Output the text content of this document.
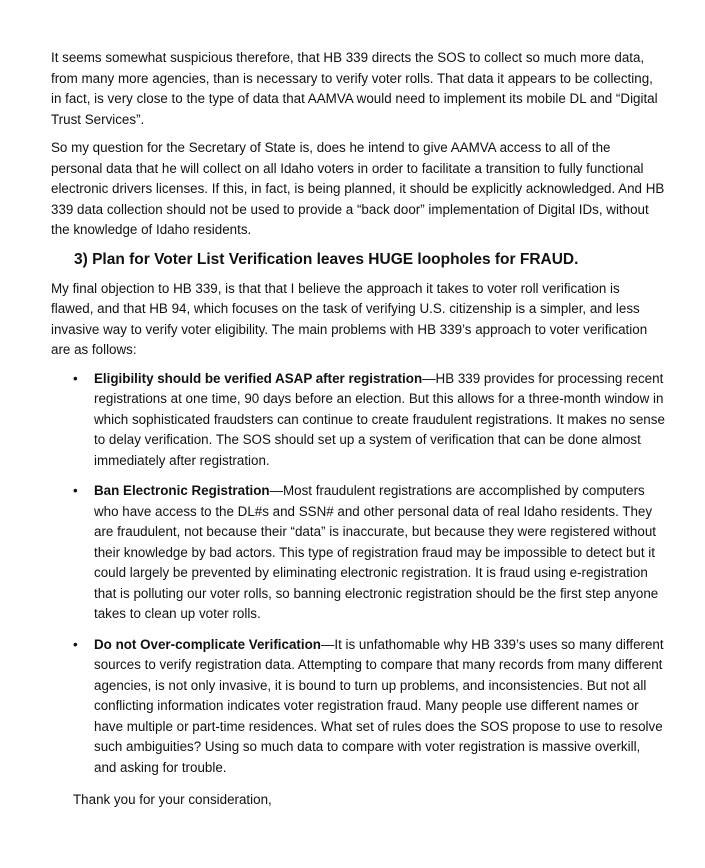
It seems somewhat suspicious therefore, that HB 339 directs the SOS to collect so much more data, from many more agencies, than is necessary to verify voter rolls. That data it appears to be collecting, in fact, is very close to the type of data that AAMVA would need to implement its mobile DL and “Digital Trust Services”.

So my question for the Secretary of State is, does he intend to give AAMVA access to all of the personal data that he will collect on all Idaho voters in order to facilitate a transition to fully functional electronic drivers licenses. If this, in fact, is being planned, it should be explicitly acknowledged. And HB 339 data collection should not be used to provide a “back door” implementation of Digital IDs, without the knowledge of Idaho residents.

3) Plan for Voter List Verification leaves HUGE loopholes for FRAUD.

My final objection to HB 339, is that that I believe the approach it takes to voter roll verification is flawed, and that HB 94, which focuses on the task of verifying U.S. citizenship is a simpler, and less invasive way to verify voter eligibility. The main problems with HB 339’s approach to voter verification are as follows:

• Eligibility should be verified ASAP after registration—HB 339 provides for processing recent registrations at one time, 90 days before an election. But this allows for a three-month window in which sophisticated fraudsters can continue to create fraudulent registrations. It makes no sense to delay verification. The SOS should set up a system of verification that can be done almost immediately after registration.
• Ban Electronic Registration—Most fraudulent registrations are accomplished by computers who have access to the DL#s and SSN# and other personal data of real Idaho residents. They are fraudulent, not because their “data” is inaccurate, but because they were registered without their knowledge by bad actors. This type of registration fraud may be impossible to detect but it could largely be prevented by eliminating electronic registration. It is fraud using e-registration that is polluting our voter rolls, so banning electronic registration should be the first step anyone takes to clean up voter rolls.
• Do not Over-complicate Verification—It is unfathomable why HB 339’s uses so many different sources to verify registration data. Attempting to compare that many records from many different agencies, is not only invasive, it is bound to turn up problems, and inconsistencies. But not all conflicting information indicates voter registration fraud. Many people use different names or have multiple or part-time residences. What set of rules does the SOS propose to use to resolve such ambiguities? Using so much data to compare with voter registration is massive overkill, and asking for trouble.

Thank you for your consideration,
